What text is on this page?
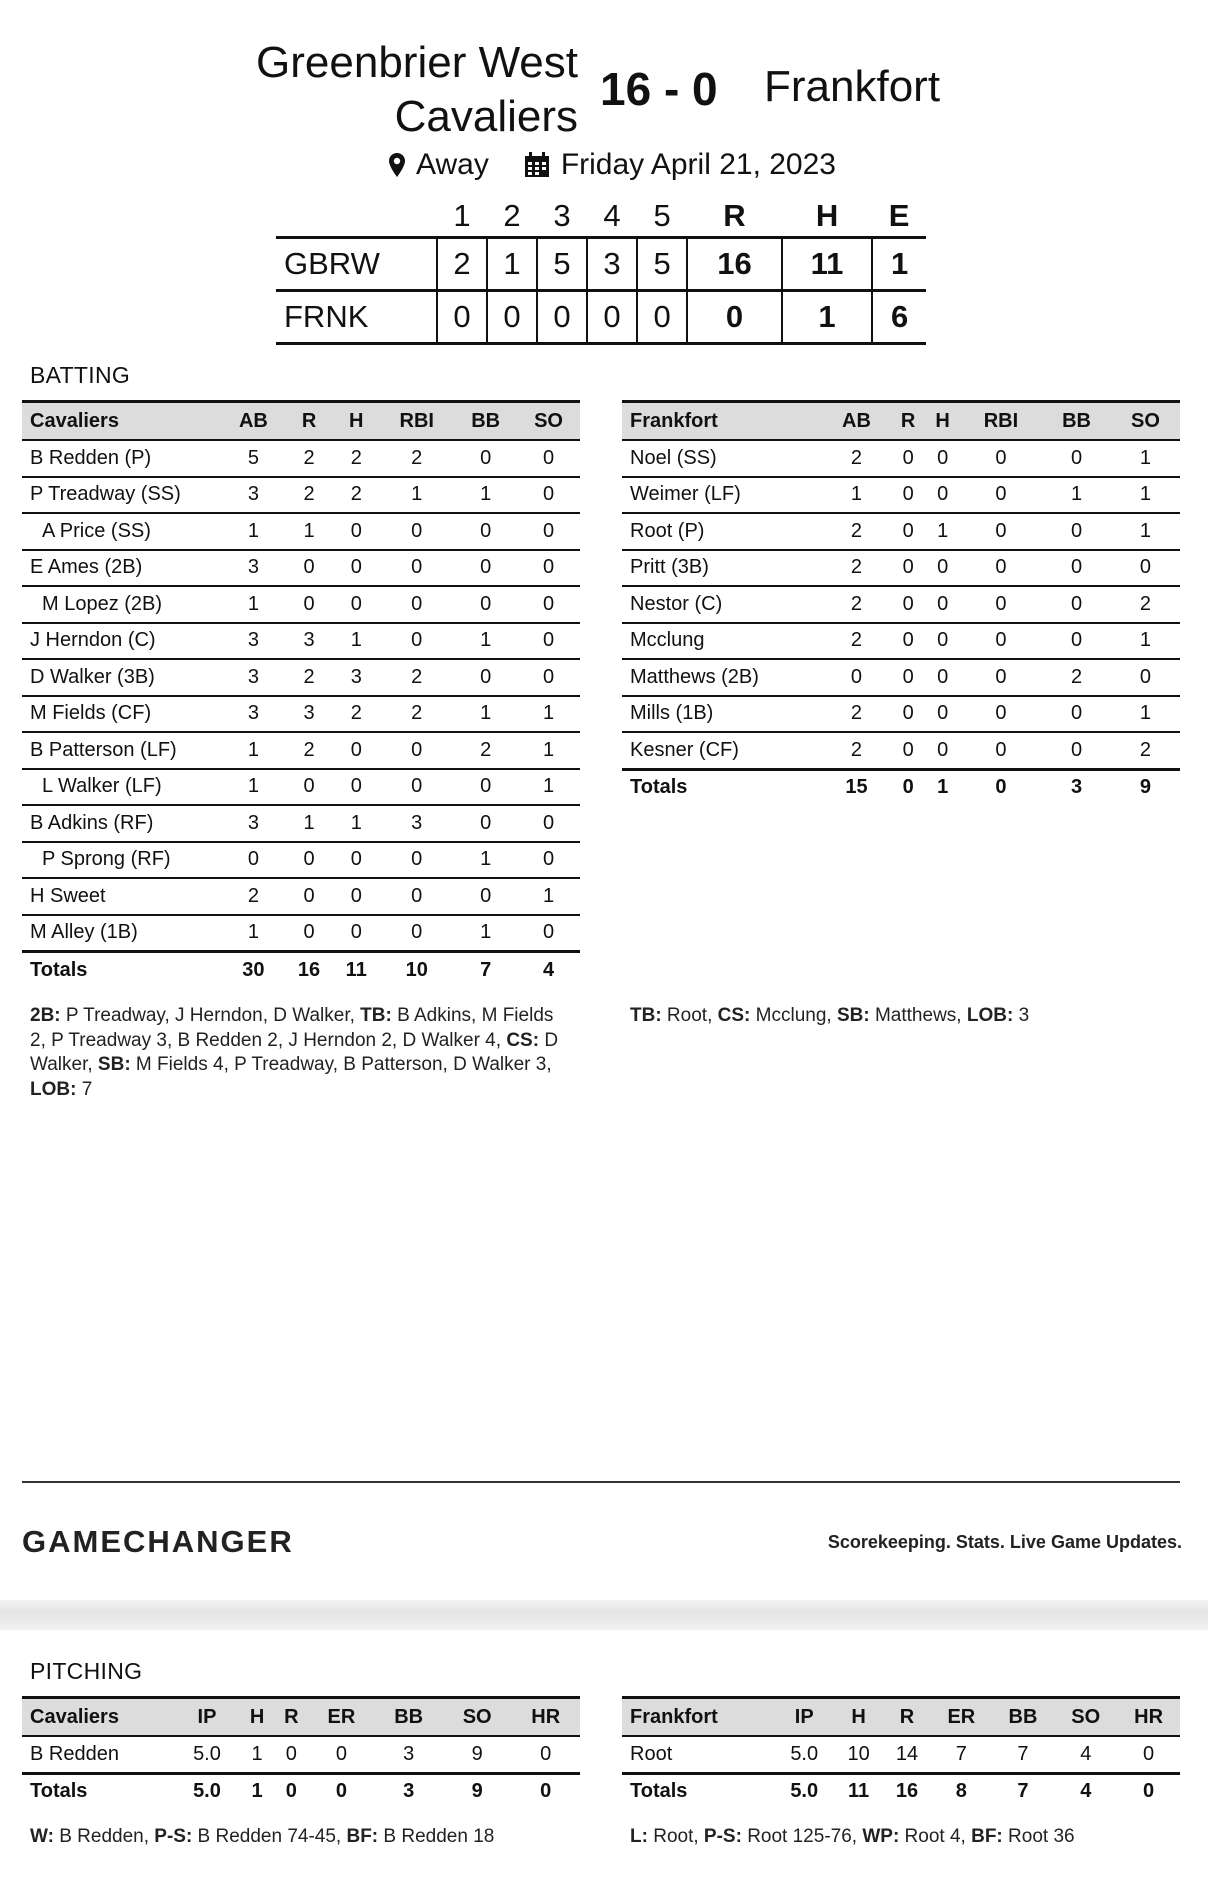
Greenbrier West
Cavaliers
16 - 0 Frankfort
Away Friday April 21, 2023
	1	2	3	4	5	R	H	E
GBRW	2	1	5	3	5	16	11	1
FRNK	0	0	0	0	0	0	1	6
BATTING
Cavaliers	AB	R	H	RBI	BB	SO
B Redden (P)	5	2	2	2	0	0
P Treadway (SS)	3	2	2	1	1	0
A Price (SS)	1	1	0	0	0	0
E Ames (2B)	3	0	0	0	0	0
M Lopez (2B)	1	0	0	0	0	0
J Herndon (C)	3	3	1	0	1	0
D Walker (3B)	3	2	3	2	0	0
M Fields (CF)	3	3	2	2	1	1
B Patterson (LF)	1	2	0	0	2	1
L Walker (LF)	1	0	0	0	0	1
B Adkins (RF)	3	1	1	3	0	0
P Sprong (RF)	0	0	0	0	1	0
H Sweet	2	0	0	0	0	1
M Alley (1B)	1	0	0	0	1	0
Totals	30	16	11	10	7	4
Frankfort	AB	R	H	RBI	BB	SO
Noel (SS)	2	0	0	0	0	1
Weimer (LF)	1	0	0	0	1	1
Root (P)	2	0	1	0	0	1
Pritt (3B)	2	0	0	0	0	0
Nestor (C)	2	0	0	0	0	2
Mcclung	2	0	0	0	0	1
Matthews (2B)	0	0	0	0	2	0
Mills (1B)	2	0	0	0	0	1
Kesner (CF)	2	0	0	0	0	2
Totals	15	0	1	0	3	9
2B: P Treadway, J Herndon, D Walker, TB: B Adkins, M Fields 2, P Treadway 3, B Redden 2, J Herndon 2, D Walker 4, CS: D Walker, SB: M Fields 4, P Treadway, B Patterson, D Walker 3, LOB: 7
TB: Root, CS: Mcclung, SB: Matthews, LOB: 3
GAMECHANGER	Scorekeeping. Stats. Live Game Updates.
PITCHING
Cavaliers	IP	H	R	ER	BB	SO	HR
B Redden	5.0	1	0	0	3	9	0
Totals	5.0	1	0	0	3	9	0
Frankfort	IP	H	R	ER	BB	SO	HR
Root	5.0	10	14	7	7	4	0
Totals	5.0	11	16	8	7	4	0
W: B Redden, P-S: B Redden 74-45, BF: B Redden 18	L: Root, P-S: Root 125-76, WP: Root 4, BF: Root 36
